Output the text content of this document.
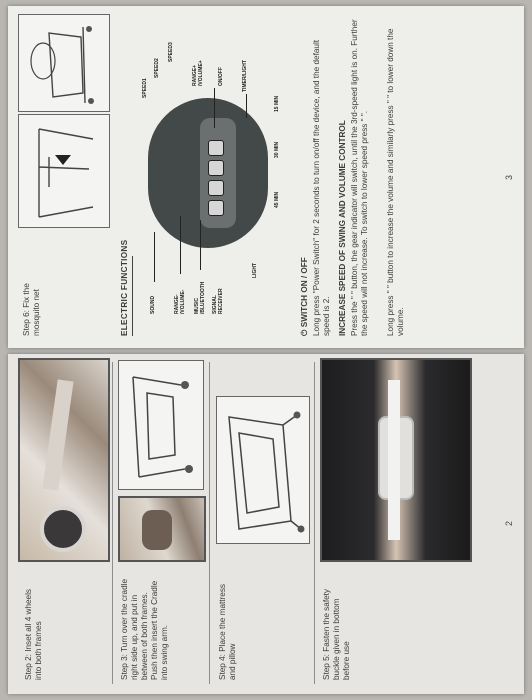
Step 2: Inset all 4 wheels into both frames	Step 3: Turn over the cradle right side up, and put in between of both frames. Push then insert the Cradle into swing arm.	Step 4: Place the mattress and pillow	Step 5: Fasten the safety buckle given in bottom before use
2
Step 6: Fix the mosquito net	ELECTRIC FUNCTIONS	SOUND	RANGE- /VOLUME- MUSIC /BLUETOOTH SIGNAL RECEIVER
LIGHT
SPEED1
SPEED2
SPEED3
RANGE+ /VOLUME+	ON/OFF	TIMER/LIGHT
45 MIN
30 MIN
15 MIN
⏻ SWITCH ON / OFF Long press "Power Switch" for 2 seconds to turn on/off the device, and the default speed is 2. INCREASE SPEED OF SWING AND VOLUME CONTROL Press the " " button, the gear indicator will switch, until the 3rd-speed light is on. Further the speed will not increase. To switch to lower speed press " ". Long press " " button to increase the volume and similarly press " " to lower down the volume.
3
